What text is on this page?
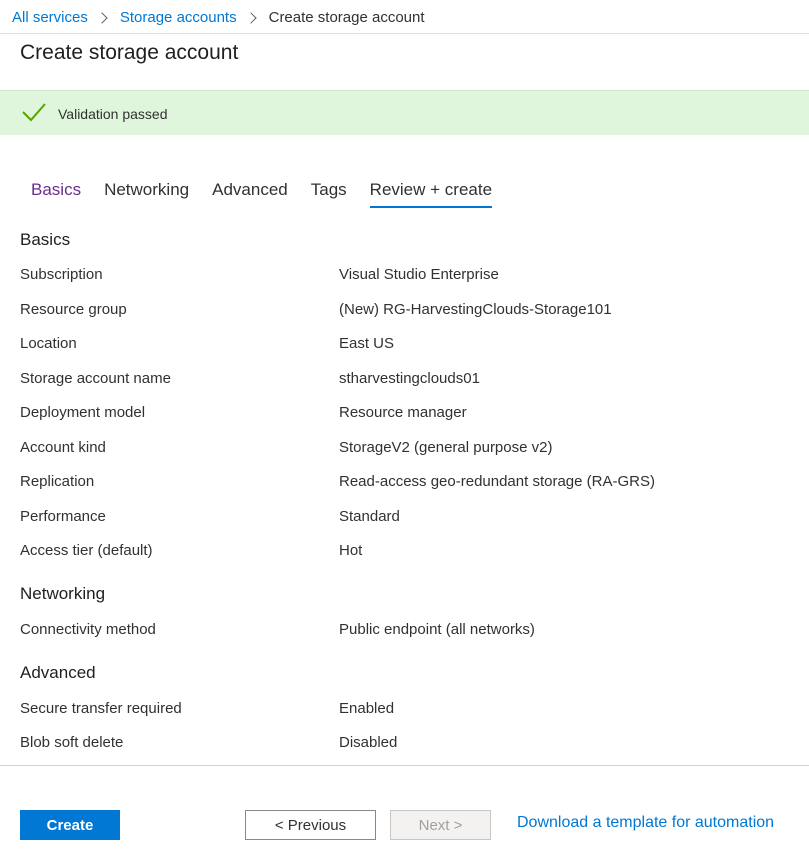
All services Storage accounts Create storage account
Create storage account
Validation passed
Basics Networking Advanced Tags Review + create
Basics
Subscription	Visual Studio Enterprise
Resource group	(New) RG-HarvestingClouds-Storage101
Location	East US
Storage account name	stharvestingclouds01
Deployment model	Resource manager
Account kind	StorageV2 (general purpose v2)
Replication	Read-access geo-redundant storage (RA-GRS)
Performance	Standard
Access tier (default)	Hot
Networking
Connectivity method	Public endpoint (all networks)
Advanced
Secure transfer required	Enabled
Blob soft delete	Disabled
Create	< Previous	Next >	Download a template for automation
